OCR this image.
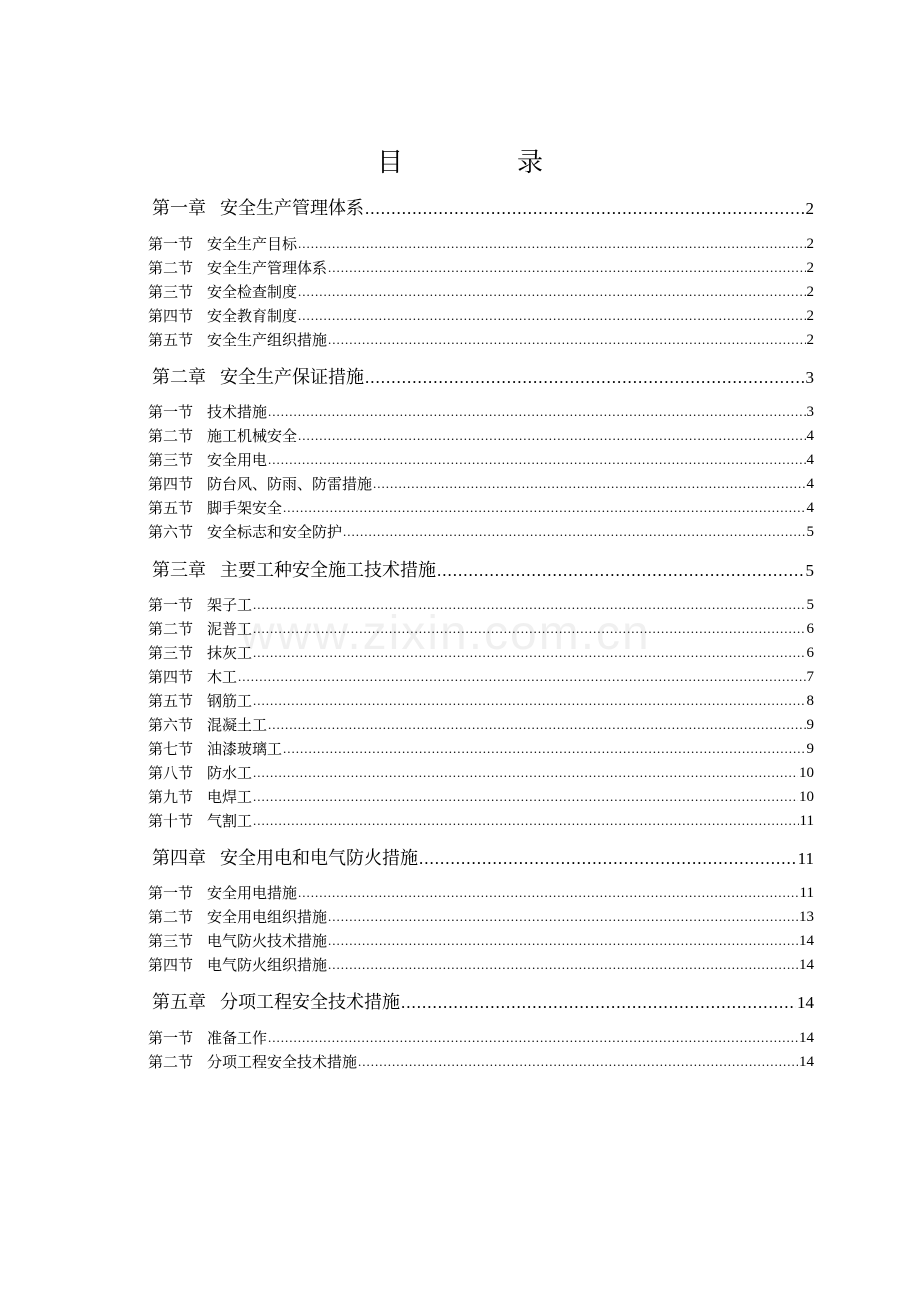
目　录
www.zixin.com.cn
第一章 安全生产管理体系 .....	2
第一节 安全生产目标 .....	2
第二节 安全生产管理体系 .....	2
第三节 安全检查制度 .....	2
第四节 安全教育制度 .....	2
第五节 安全生产组织措施 .....	2
第二章 安全生产保证措施 .....	3
第一节 技术措施 .....	3
第二节 施工机械安全 .....	4
第三节 安全用电 .....	4
第四节 防台风、防雨、防雷措施 .....	4
第五节 脚手架安全 .....	4
第六节 安全标志和安全防护 .....	5
第三章 主要工种安全施工技术措施 .....	5
第一节 架子工 .....	5
第二节 泥普工 .....	6
第三节 抹灰工 .....	6
第四节 木工 .....	7
第五节 钢筋工 .....	8
第六节 混凝土工 .....	9
第七节 油漆玻璃工 .....	9
第八节 防水工 .....	10
第九节 电焊工 .....	10
第十节 气割工 .....	11
第四章 安全用电和电气防火措施 .....	11
第一节 安全用电措施 .....	11
第二节 安全用电组织措施 .....	13
第三节 电气防火技术措施 .....	14
第四节 电气防火组织措施 .....	14
第五章 分项工程安全技术措施 .....	14
第一节 准备工作 .....	14
第二节 分项工程安全技术措施 .....	14
